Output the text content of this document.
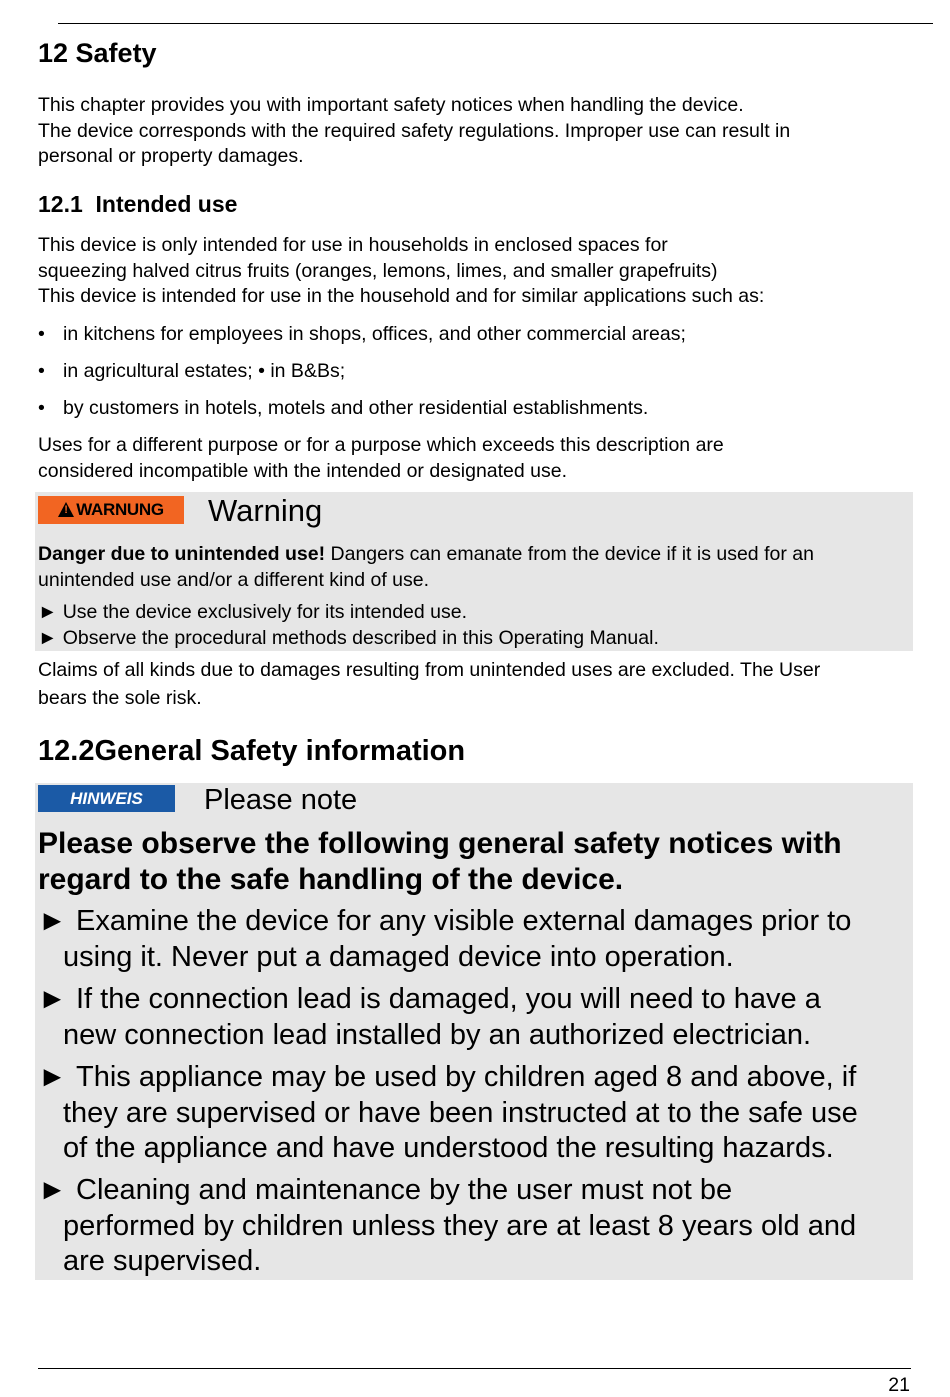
12 Safety
This chapter provides you with important safety notices when handling the device.
The device corresponds with the required safety regulations. Improper use can result in
personal or property damages.
12.1 Intended use
This device is only intended for use in households in enclosed spaces for
squeezing halved citrus fruits (oranges, lemons, limes, and smaller grapefruits)
This device is intended for use in the household and for similar applications such as:
• in kitchens for employees in shops, offices, and other commercial areas;
• in agricultural estates; • in B&Bs;
• by customers in hotels, motels and other residential establishments.
Uses for a different purpose or for a purpose which exceeds this description are
considered incompatible with the intended or designated use.
!WARNUNG	Warning
Danger due to unintended use! Dangers can emanate from the device if it is used for an
unintended use and/or a different kind of use.
► Use the device exclusively for its intended use.
► Observe the procedural methods described in this Operating Manual.
Claims of all kinds due to damages resulting from unintended uses are excluded. The User
bears the sole risk.
12.2General Safety information
HINWEIS	Please note
Please observe the following general safety notices with
regard to the safe handling of the device.
► Examine the device for any visible external damages prior to
using it. Never put a damaged device into operation.
► If the connection lead is damaged, you will need to have a
new connection lead installed by an authorized electrician.
► This appliance may be used by children aged 8 and above, if
they are supervised or have been instructed at to the safe use
of the appliance and have understood the resulting hazards.
► Cleaning and maintenance by the user must not be
performed by children unless they are at least 8 years old and
are supervised.
21
